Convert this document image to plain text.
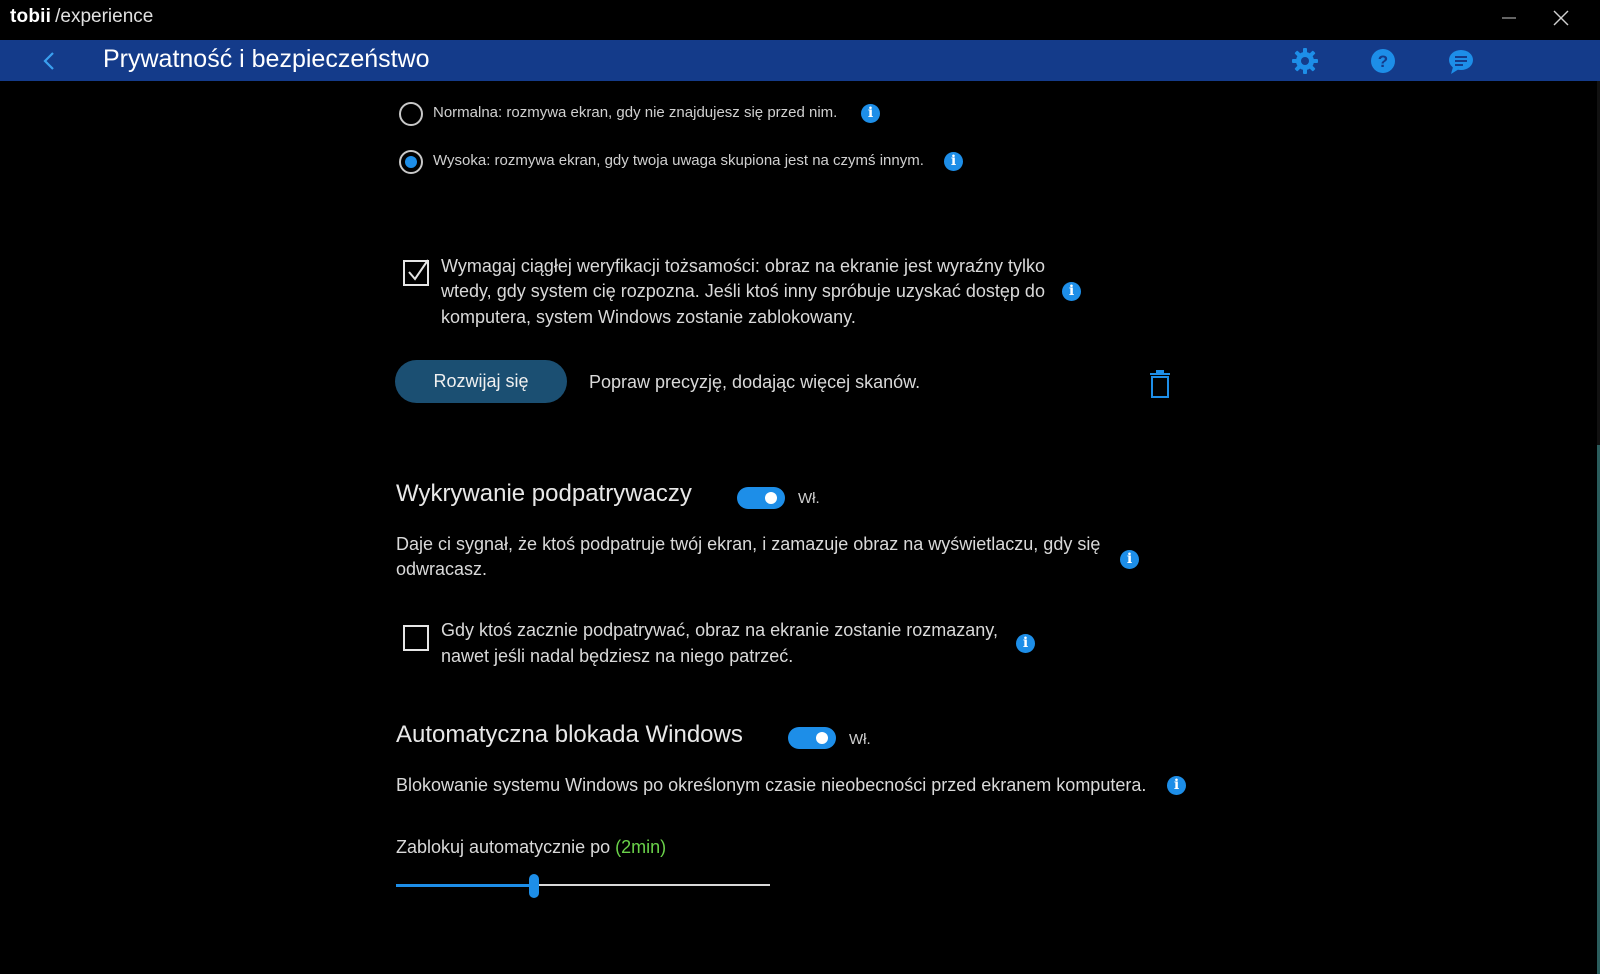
tobii /experience
Prywatność i bezpieczeństwo	?
Normalna: rozmywa ekran, gdy nie znajdujesz się przed nim.	i
Wysoka: rozmywa ekran, gdy twoja uwaga skupiona jest na czymś innym.	i
Wymagaj ciągłej weryfikacji tożsamości: obraz na ekranie jest wyraźny tylko
wtedy, gdy system cię rozpozna. Jeśli ktoś inny spróbuje uzyskać dostęp do
komputera, system Windows zostanie zablokowany.
i
Rozwijaj się	Popraw precyzję, dodając więcej skanów.
Wykrywanie podpatrywaczy	Wł.
Daje ci sygnał, że ktoś podpatruje twój ekran, i zamazuje obraz na wyświetlaczu, gdy się
odwracasz.	i
Gdy ktoś zacznie podpatrywać, obraz na ekranie zostanie rozmazany,
nawet jeśli nadal będziesz na niego patrzeć.
i
Automatyczna blokada Windows	Wł.
Blokowanie systemu Windows po określonym czasie nieobecności przed ekranem komputera.	i
Zablokuj automatycznie po (2min)
